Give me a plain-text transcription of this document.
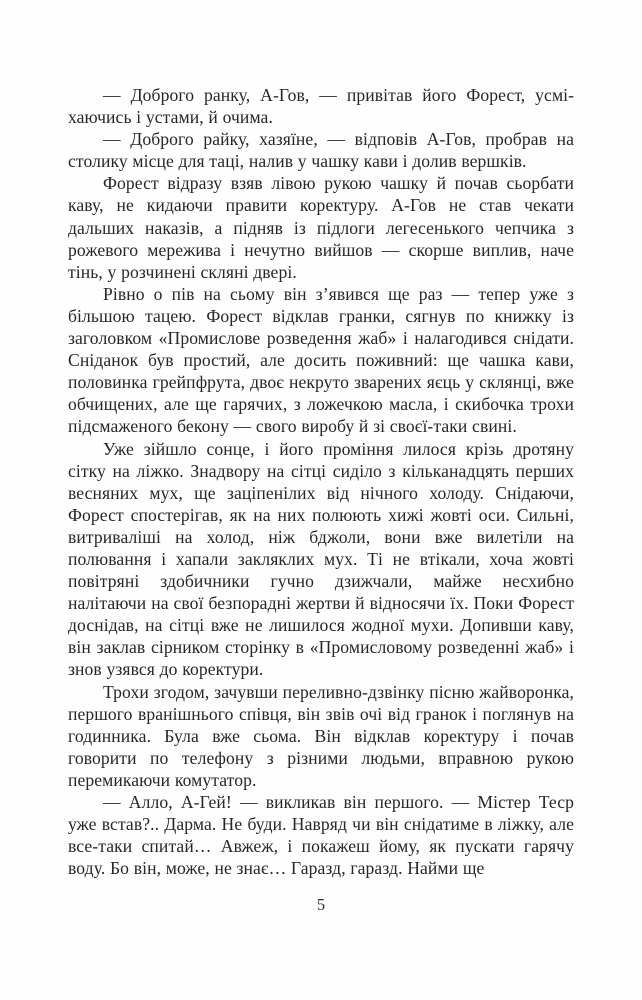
— Доброго ранку, А-Гов, — привітав його Форест, усміхаючись і устами, й очима.

— Доброго райку, хазяїне, — відповів А-Гов, пробрав на столику місце для таці, налив у чашку кави і долив вершків.

Форест відразу взяв лівою рукою чашку й почав сьорбати каву, не кидаючи правити коректуру. А-Гов не став чекати дальших наказів, а підняв із підлоги легесенького чепчика з рожевого мережива і нечутно вийшов — скорше виплив, наче тінь, у розчинені скляні двері.

Рівно о пів на сьому він з’явився ще раз — тепер уже з більшою тацею. Форест відклав гранки, сягнув по книжку із заголовком «Промислове розведення жаб» і налагодився снідати. Сніданок був простий, але досить поживний: ще чашка кави, половинка грейпфрута, двоє некруто зварених яєць у склянці, вже обчищених, але ще гарячих, з ложечкою масла, і скибочка трохи підсмаженого бекону — свого виробу й зі своєї-таки свині.

Уже зійшло сонце, і його проміння лилося крізь дротяну сітку на ліжко. Знадвору на сітці сиділо з кільканадцять перших весняних мух, ще заціпенілих від нічного холоду. Снідаючи, Форест спостерігав, як на них полюють хижі жовті оси. Сильні, витриваліші на холод, ніж бджоли, вони вже вилетіли на полювання і хапали закляклих мух. Ті не втікали, хоча жовті повітряні здобичники гучно дзижчали, майже несхибно налітаючи на свої безпорадні жертви й відносячи їх. Поки Форест доснідав, на сітці вже не лишилося жодної мухи. Допивши каву, він заклав сірником сторінку в «Промисловому розведенні жаб» і знов узявся до коректури.

Трохи згодом, зачувши переливно-дзвінку пісню жайворонка, першого вранішнього співця, він звів очі від гранок і поглянув на годинника. Була вже сьома. Він відклав коректуру і почав говорити по телефону з різними людьми, вправною рукою перемикаючи комутатор.

— Алло, А-Гей! — викликав він першого. — Містер Теср уже встав?.. Дарма. Не буди. Навряд чи він снідатиме в ліжку, але все-таки спитай… Авжеж, і покажеш йому, як пускати гарячу воду. Бо він, може, не знає… Гаразд, гаразд. Найми ще

5
